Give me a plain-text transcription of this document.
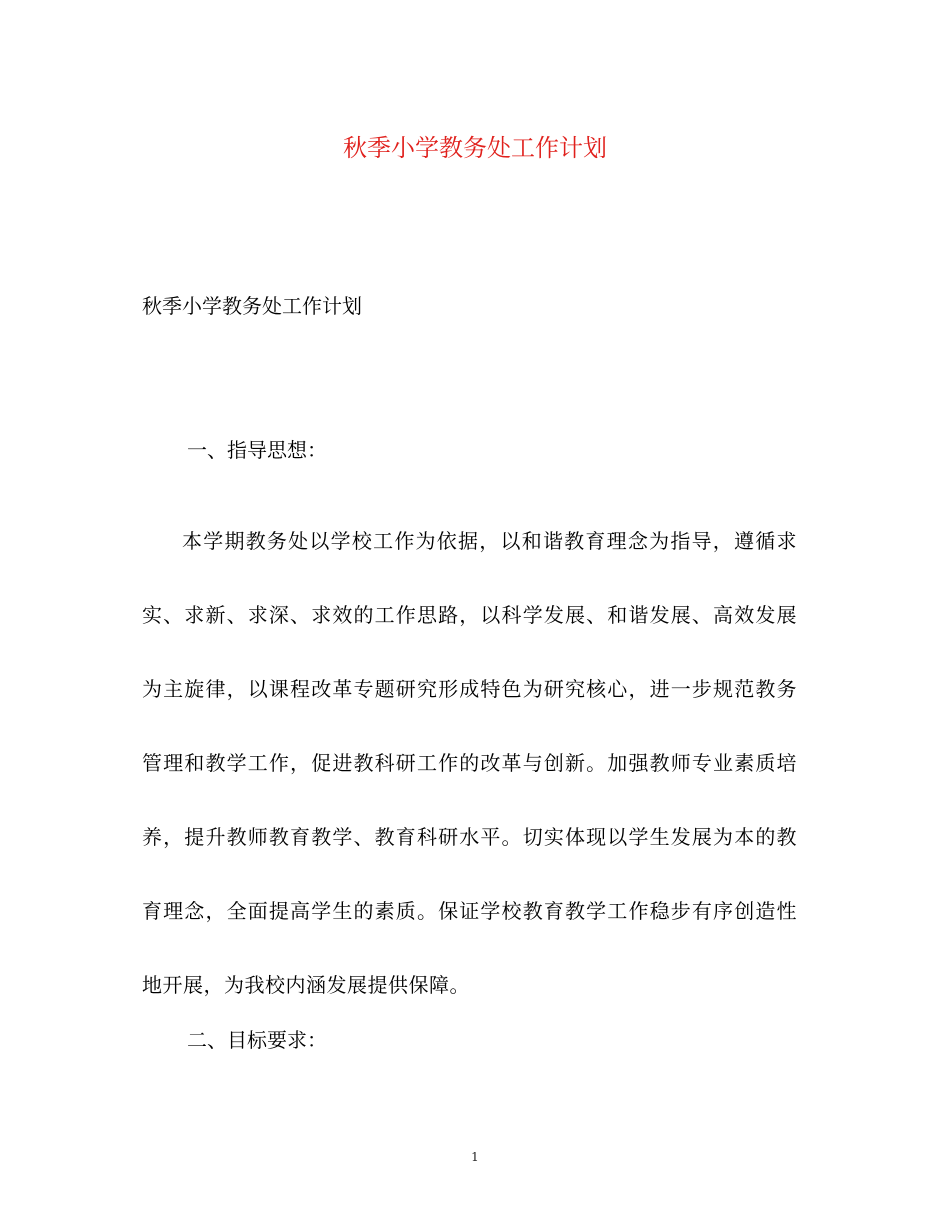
秋季小学教务处工作计划

秋季小学教务处工作计划

一、指导思想：

本学期教务处以学校工作为依据，以和谐教育理念为指导，遵循求实、求新、求深、求效的工作思路，以科学发展、和谐发展、高效发展为主旋律，以课程改革专题研究形成特色为研究核心，进一步规范教务管理和教学工作，促进教科研工作的改革与创新。加强教师专业素质培养，提升教师教育教学、教育科研水平。切实体现以学生发展为本的教育理念，全面提高学生的素质。保证学校教育教学工作稳步有序创造性地开展，为我校内涵发展提供保障。

二、目标要求：
1
